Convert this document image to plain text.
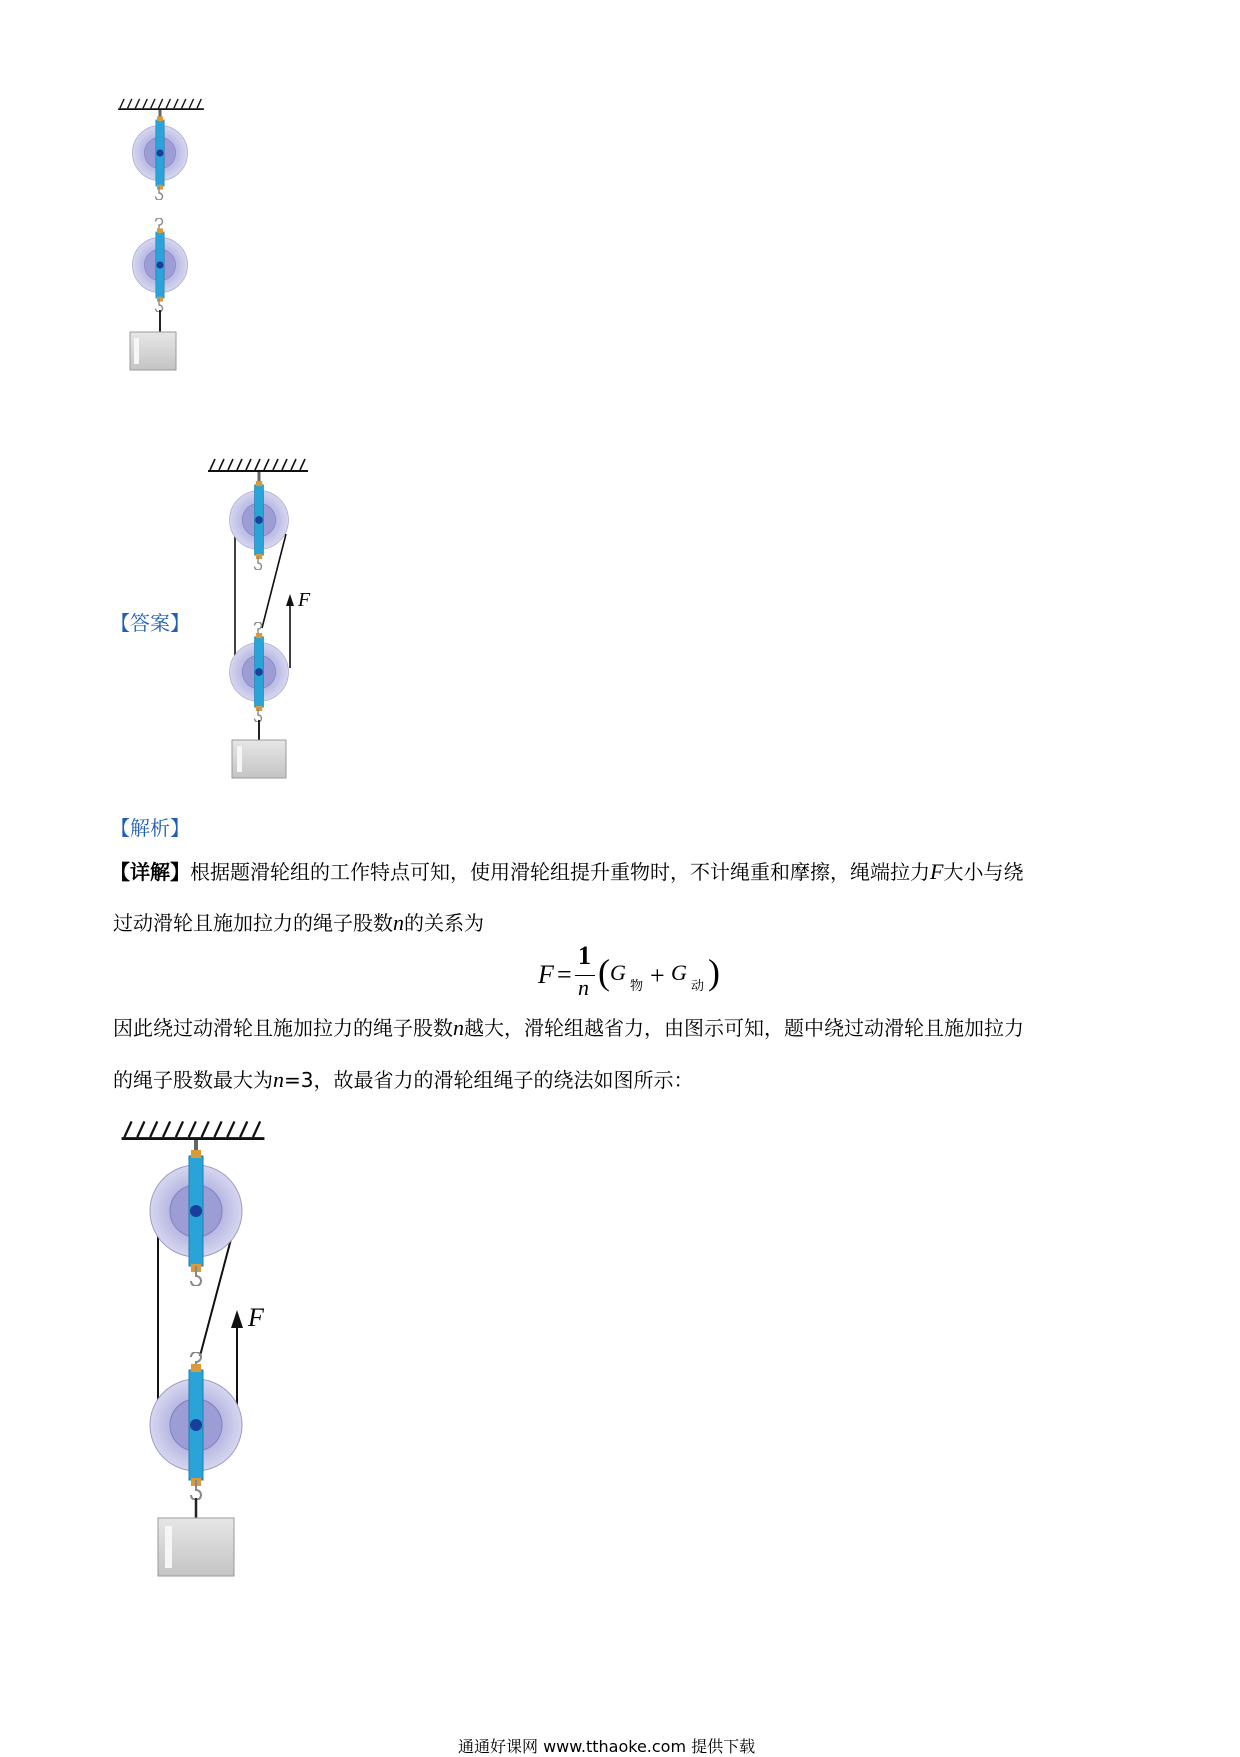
【答案】
F
【解析】
【详解】根据题滑轮组的工作特点可知，使用滑轮组提升重物时，不计绳重和摩擦，绳端拉力F大小与绕
过动滑轮且施加拉力的绳子股数n的关系为
F =
1
n ( G
物 + G
动 )
因此绕过动滑轮且施加拉力的绳子股数n越大，滑轮组越省力，由图示可知，题中绕过动滑轮且施加拉力
的绳子股数最大为n=3，故最省力的滑轮组绳子的绕法如图所示：
F
通通好课网 www.tthaoke.com 提供下载
